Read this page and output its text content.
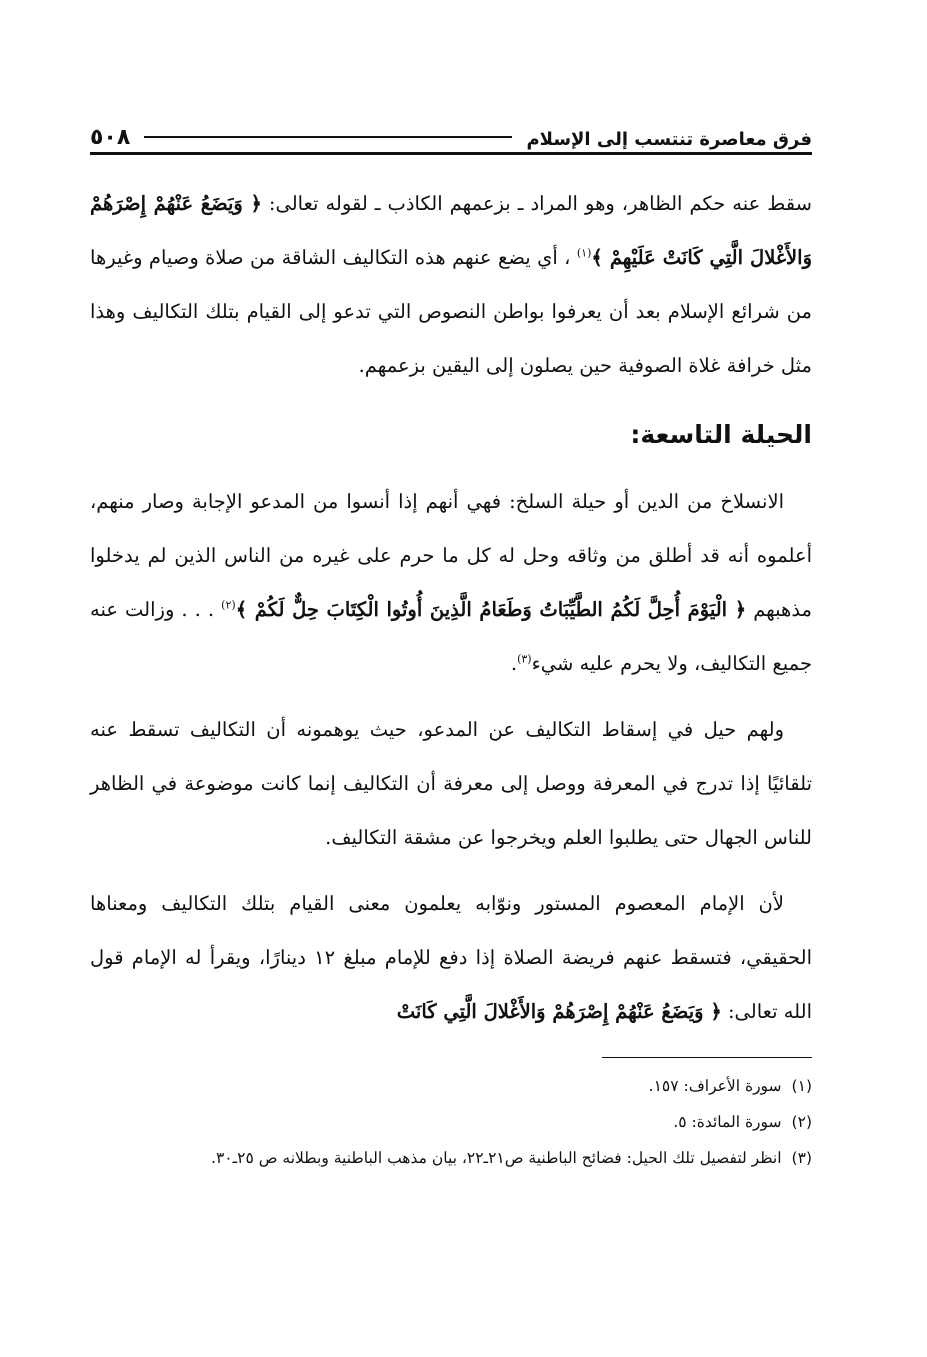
فرق معاصرة تنتسب إلى الإسلام
٥٠٨

سقط عنه حكم الظاهر، وهو المراد ـ بزعمهم الكاذب ـ لقوله تعالى: ﴿ وَيَضَعُ عَنْهُمْ إِصْرَهُمْ وَالأَغْلالَ الَّتِي كَانَتْ عَلَيْهِمْ ﴾$^{(١)}$ ، أي يضع عنهم هذه التكاليف الشاقة من صلاة وصيام وغيرها من شرائع الإسلام بعد أن يعرفوا بواطن النصوص التي تدعو إلى القيام بتلك التكاليف وهذا مثل خرافة غلاة الصوفية حين يصلون إلى اليقين بزعمهم.

الحيلة التاسعة:

الانسلاخ من الدين أو حيلة السلخ: فهي أنهم إذا أنسوا من المدعو الإجابة وصار منهم، أعلموه أنه قد أطلق من وثاقه وحل له كل ما حرم على غيره من الناس الذين لم يدخلوا مذهبهم ﴿ الْيَوْمَ أُحِلَّ لَكُمُ الطَّيِّبَاتُ وَطَعَامُ الَّذِينَ أُوتُوا الْكِتَابَ حِلٌّ لَكُمْ ﴾$^{(٢)}$ . . . وزالت عنه جميع التكاليف، ولا يحرم عليه شيء$^{(٣)}$.

ولهم حيل في إسقاط التكاليف عن المدعو، حيث يوهمونه أن التكاليف تسقط عنه تلقائيًا إذا تدرج في المعرفة ووصل إلى معرفة أن التكاليف إنما كانت موضوعة في الظاهر للناس الجهال حتى يطلبوا العلم ويخرجوا عن مشقة التكاليف.

لأن الإمام المعصوم المستور ونوّابه يعلمون معنى القيام بتلك التكاليف ومعناها الحقيقي، فتسقط عنهم فريضة الصلاة إذا دفع للإمام مبلغ ١٢ دينارًا، ويقرأ له الإمام قول الله تعالى: ﴿ وَيَضَعُ عَنْهُمْ إِصْرَهُمْ وَالأَغْلالَ الَّتِي كَانَتْ

(١)
سورة الأعراف: ١٥٧.
(٢)
سورة المائدة: ٥.
(٣)
انظر لتفصيل تلك الحيل: فضائح الباطنية ص٢١ـ٢٢، بيان مذهب الباطنية وبطلانه ص ٢٥ـ٣٠.
